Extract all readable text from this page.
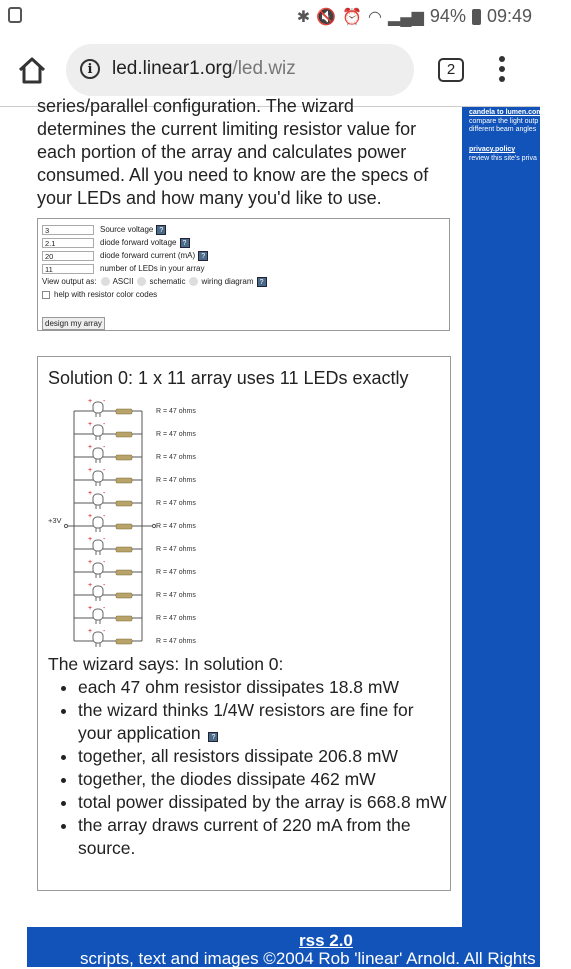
✱ 🔇 ⏰ ◠ ▂▄▆ 94% 09:49
i	led.linear1.org/led.wiz	2
candela to lumen.com
compare the light outp
different beam angles
privacy.policy
review this site's priva
series/parallel configuration. The wizard
determines the current limiting resistor value for
each portion of the array and calculates power
consumed. All you need to know are the specs of
your LEDs and how many you'd like to use.
3	Source voltage ?
2.1	diode forward voltage ?
20	diode forward current (mA) ?
11	number of LEDs in your array
View output as: ASCII schematic wiring diagram ?
help with resistor color codes
design my array
Solution 0: 1 x 11 array uses 11 LEDs exactly
+3V
+ -
R = 47 ohms
+ -
R = 47 ohms
+ -
R = 47 ohms
+ -
R = 47 ohms
+ -
R = 47 ohms
+ -
R = 47 ohms
+ -
R = 47 ohms
+ -
R = 47 ohms
+ -
R = 47 ohms
+ -
R = 47 ohms
+ -
R = 47 ohms
The wizard says: In solution 0:
• each 47 ohm resistor dissipates 18.8 mW
• the wizard thinks 1/4W resistors are fine for your application ?
• together, all resistors dissipate 206.8 mW
• together, the diodes dissipate 462 mW
• total power dissipated by the array is 668.8 mW
• the array draws current of 220 mA from the source.
rss 2.0
scripts, text and images ©2004 Rob 'linear' Arnold. All Rights Res
